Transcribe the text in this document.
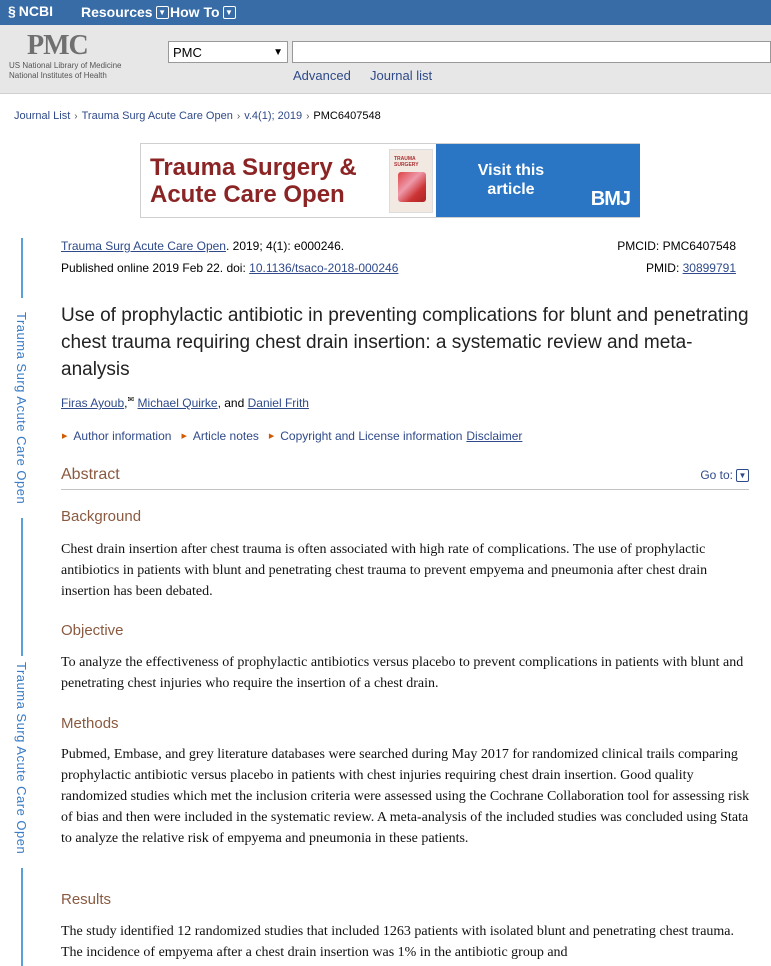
§ NCBI Resources ▼ How To ▼
PMC
US National Library of Medicine
National Institutes of Health
PMC	▼
Advanced Journal list
Journal List › Trauma Surg Acute Care Open › v.4(1); 2019 › PMC6407548
Trauma Surgery &
Acute Care Open
TRAUMA SURGERY	Visit this
article	BMJ
Trauma Surg Acute Care Open
Trauma Surg Acute Care Open
Trauma Surg Acute Care Open. 2019; 4(1): e000246.
Published online 2019 Feb 22. doi: 10.1136/tsaco-2018-000246
PMCID: PMC6407548
PMID: 30899791
Use of prophylactic antibiotic in preventing complications for blunt and penetrating chest trauma requiring chest drain insertion: a systematic review and meta-analysis
Firas Ayoub,✉ Michael Quirke, and Daniel Frith
▶ Author information ▶ Article notes ▶ Copyright and License information Disclaimer
Abstract	Go to: ▼
Background

Chest drain insertion after chest trauma is often associated with high rate of complications. The use of prophylactic antibiotics in patients with blunt and penetrating chest trauma to prevent empyema and pneumonia after chest drain insertion has been debated.

Objective

To analyze the effectiveness of prophylactic antibiotics versus placebo to prevent complications in patients with blunt and penetrating chest injuries who require the insertion of a chest drain.

Methods

Pubmed, Embase, and grey literature databases were searched during May 2017 for randomized clinical trails comparing prophylactic antibiotic versus placebo in patients with chest injuries requiring chest drain insertion. Good quality randomized studies which met the inclusion criteria were assessed using the Cochrane Collaboration tool for assessing risk of bias and then were included in the systematic review. A meta-analysis of the included studies was concluded using Stata to analyze the relative risk of empyema and pneumonia in these patients.

Results

The study identified 12 randomized studies that included 1263 patients with isolated blunt and penetrating chest trauma. The incidence of empyema after a chest drain insertion was 1% in the antibiotic group and
